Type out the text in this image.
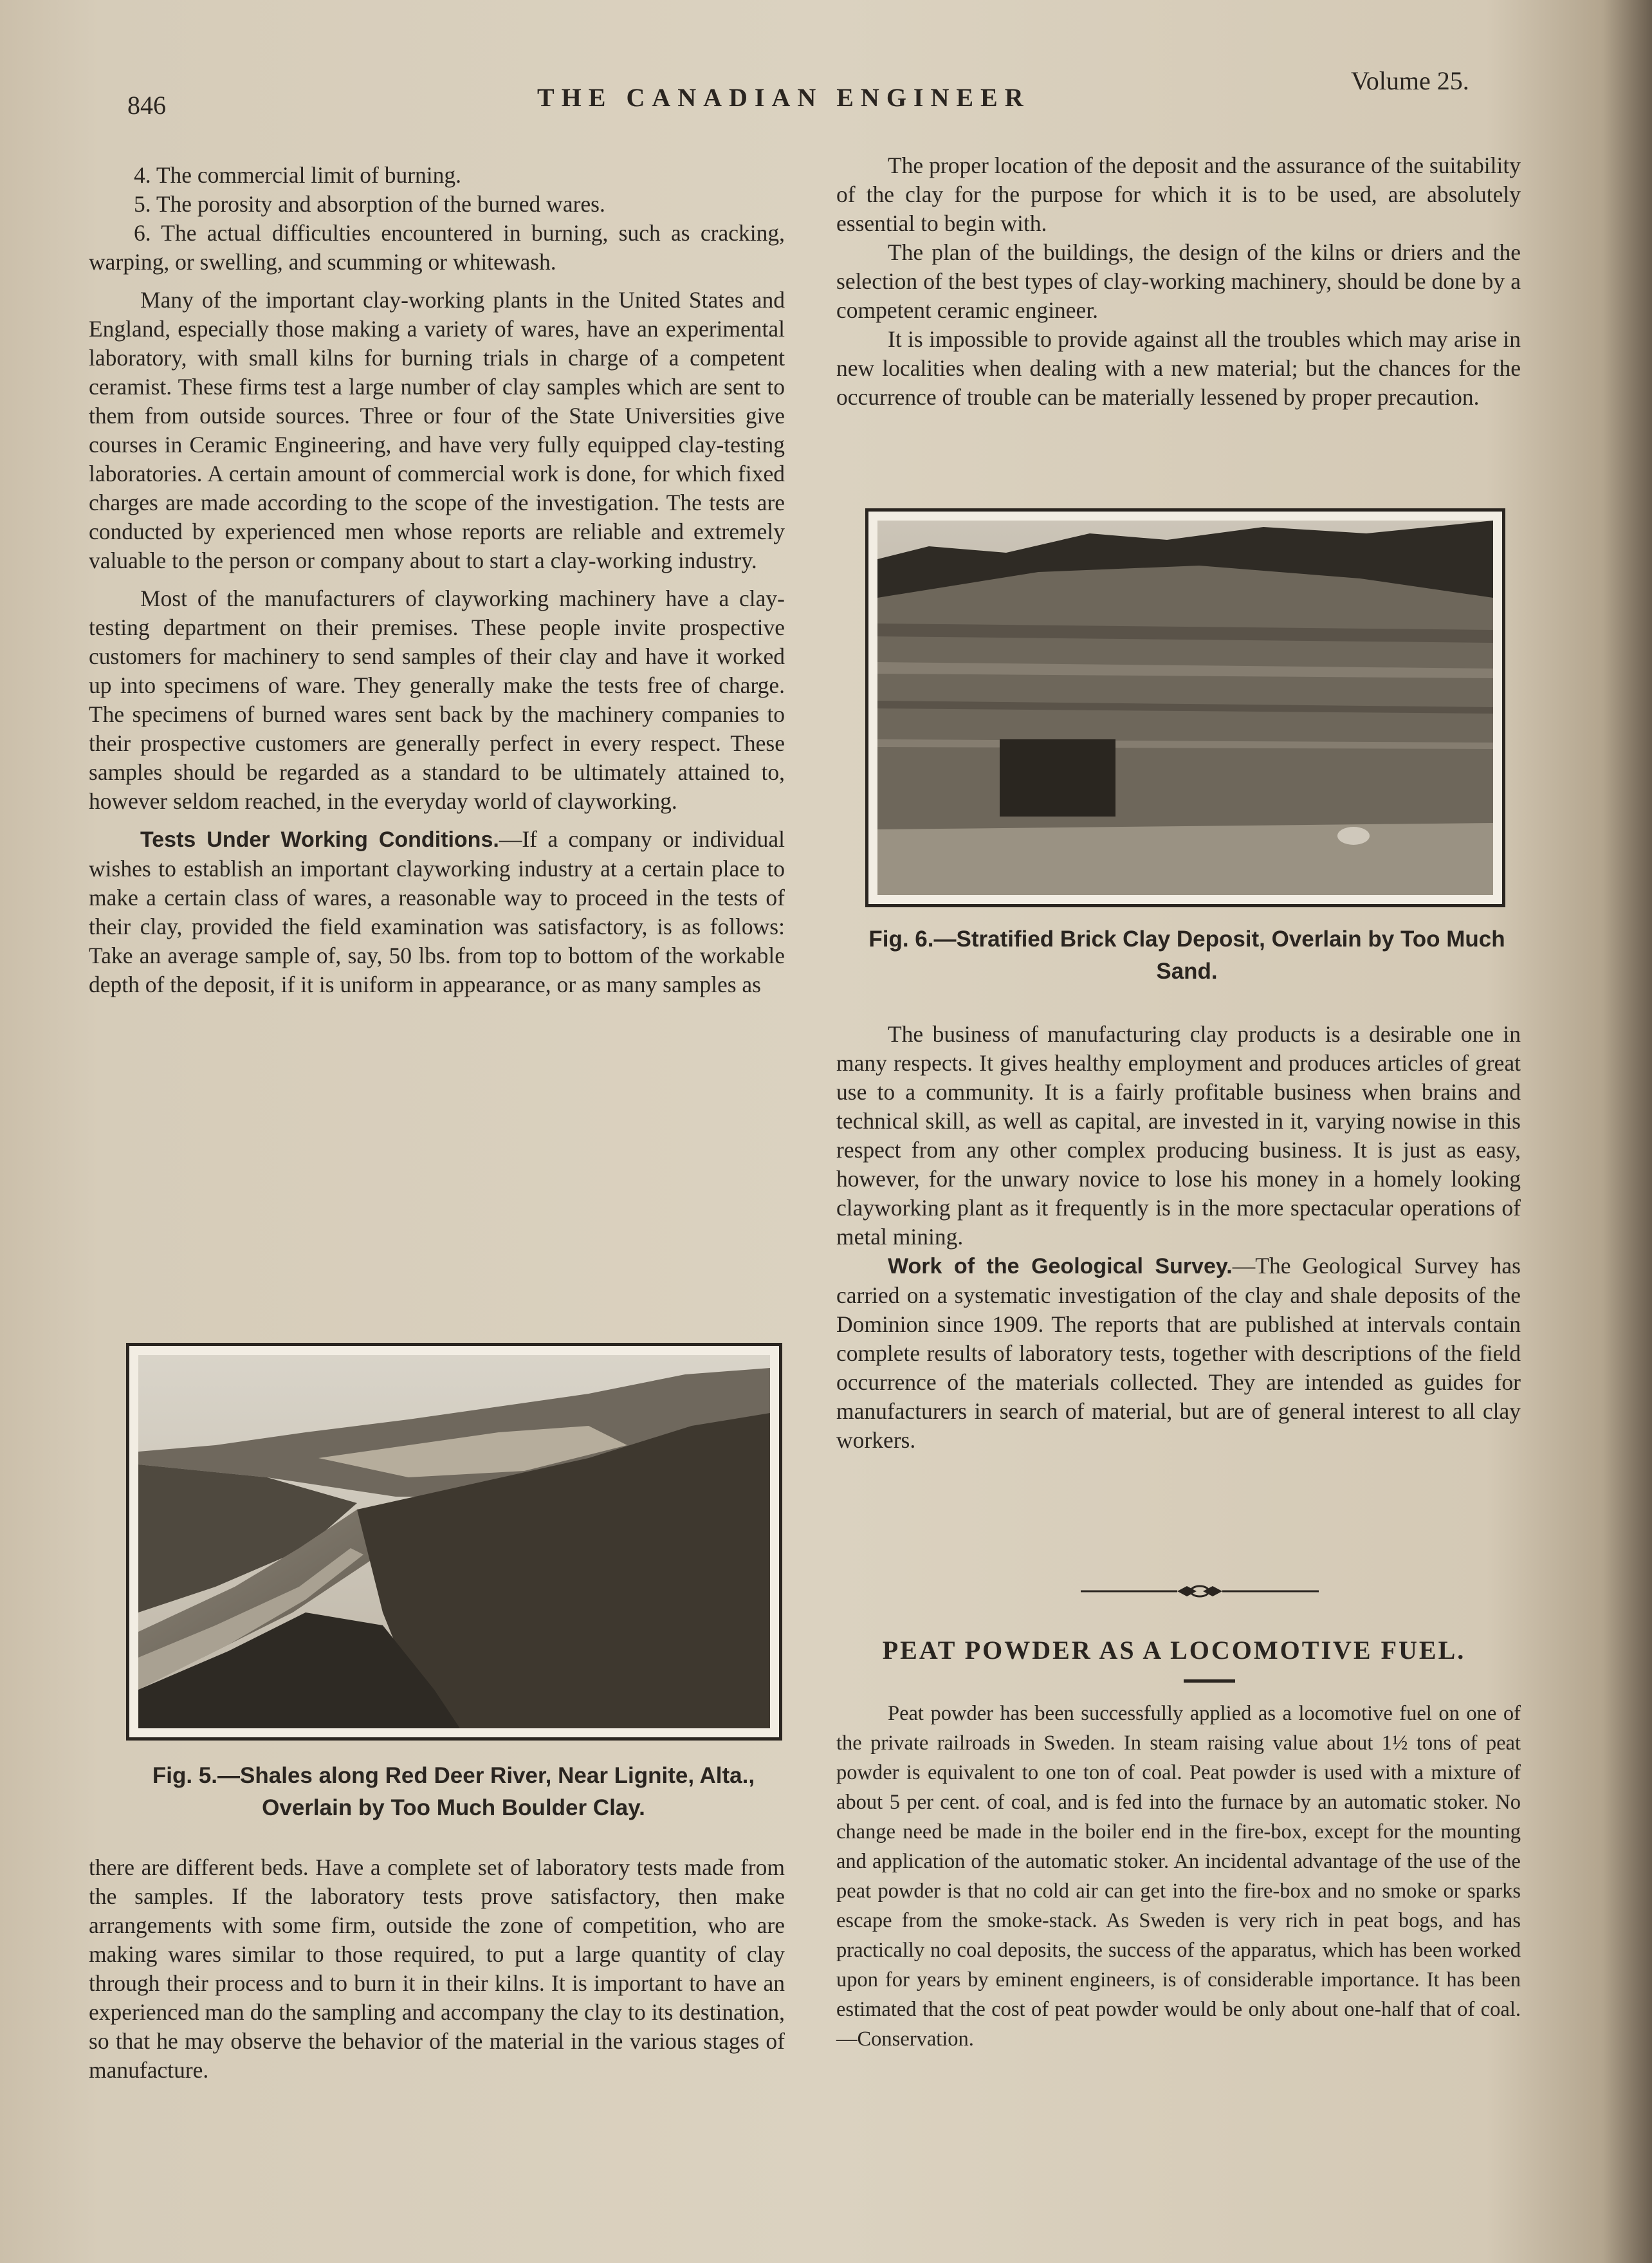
846	THE CANADIAN ENGINEER
Volume 25.

4. The commercial limit of burning.

5. The porosity and absorption of the burned wares.

6. The actual difficulties encountered in burning, such as cracking, warping, or swelling, and scumming or whitewash.

Many of the important clay-working plants in the United States and England, especially those making a variety of wares, have an experimental laboratory, with small kilns for burning trials in charge of a competent ceramist. These firms test a large number of clay samples which are sent to them from outside sources. Three or four of the State Universities give courses in Ceramic Engineering, and have very fully equipped clay-testing laboratories. A certain amount of commercial work is done, for which fixed charges are made according to the scope of the investigation. The tests are conducted by experienced men whose reports are reliable and extremely valuable to the person or company about to start a clay-working industry.

Most of the manufacturers of clayworking machinery have a clay-testing department on their premises. These people invite prospective customers for machinery to send samples of their clay and have it worked up into specimens of ware. They generally make the tests free of charge. The specimens of burned wares sent back by the machinery companies to their prospective customers are generally perfect in every respect. These samples should be regarded as a standard to be ultimately attained to, however seldom reached, in the everyday world of clayworking.

Tests Under Working Conditions.—If a company or individual wishes to establish an important clayworking industry at a certain place to make a certain class of wares, a reasonable way to proceed in the tests of their clay, provided the field examination was satisfactory, is as follows: Take an average sample of, say, 50 lbs. from top to bottom of the workable depth of the deposit, if it is uniform in appearance, or as many samples as

Fig. 5.—Shales along Red Deer River, Near Lignite, Alta., Overlain by Too Much Boulder Clay.

there are different beds. Have a complete set of laboratory tests made from the samples. If the laboratory tests prove satisfactory, then make arrangements with some firm, outside the zone of competition, who are making wares similar to those required, to put a large quantity of clay through their process and to burn it in their kilns. It is important to have an experienced man do the sampling and accompany the clay to its destination, so that he may observe the behavior of the material in the various stages of manufacture.

The proper location of the deposit and the assurance of the suitability of the clay for the purpose for which it is to be used, are absolutely essential to begin with.

The plan of the buildings, the design of the kilns or driers and the selection of the best types of clay-working machinery, should be done by a competent ceramic engineer.

It is impossible to provide against all the troubles which may arise in new localities when dealing with a new material; but the chances for the occurrence of trouble can be materially lessened by proper precaution.

Fig. 6.—Stratified Brick Clay Deposit, Overlain by Too Much Sand.

The business of manufacturing clay products is a desirable one in many respects. It gives healthy employment and produces articles of great use to a community. It is a fairly profitable business when brains and technical skill, as well as capital, are invested in it, varying nowise in this respect from any other complex producing business. It is just as easy, however, for the unwary novice to lose his money in a homely looking clayworking plant as it frequently is in the more spectacular operations of metal mining.

Work of the Geological Survey.—The Geological Survey has carried on a systematic investigation of the clay and shale deposits of the Dominion since 1909. The reports that are published at intervals contain complete results of laboratory tests, together with descriptions of the field occurrence of the materials collected. They are intended as guides for manufacturers in search of material, but are of general interest to all clay workers.

PEAT POWDER AS A LOCOMOTIVE FUEL.

Peat powder has been successfully applied as a locomotive fuel on one of the private railroads in Sweden. In steam raising value about 1½ tons of peat powder is equivalent to one ton of coal. Peat powder is used with a mixture of about 5 per cent. of coal, and is fed into the furnace by an automatic stoker. No change need be made in the boiler end in the fire-box, except for the mounting and application of the automatic stoker. An incidental advantage of the use of the peat powder is that no cold air can get into the fire-box and no smoke or sparks escape from the smoke-stack. As Sweden is very rich in peat bogs, and has practically no coal deposits, the success of the apparatus, which has been worked upon for years by eminent engineers, is of considerable importance. It has been estimated that the cost of peat powder would be only about one-half that of coal.—Conservation.
